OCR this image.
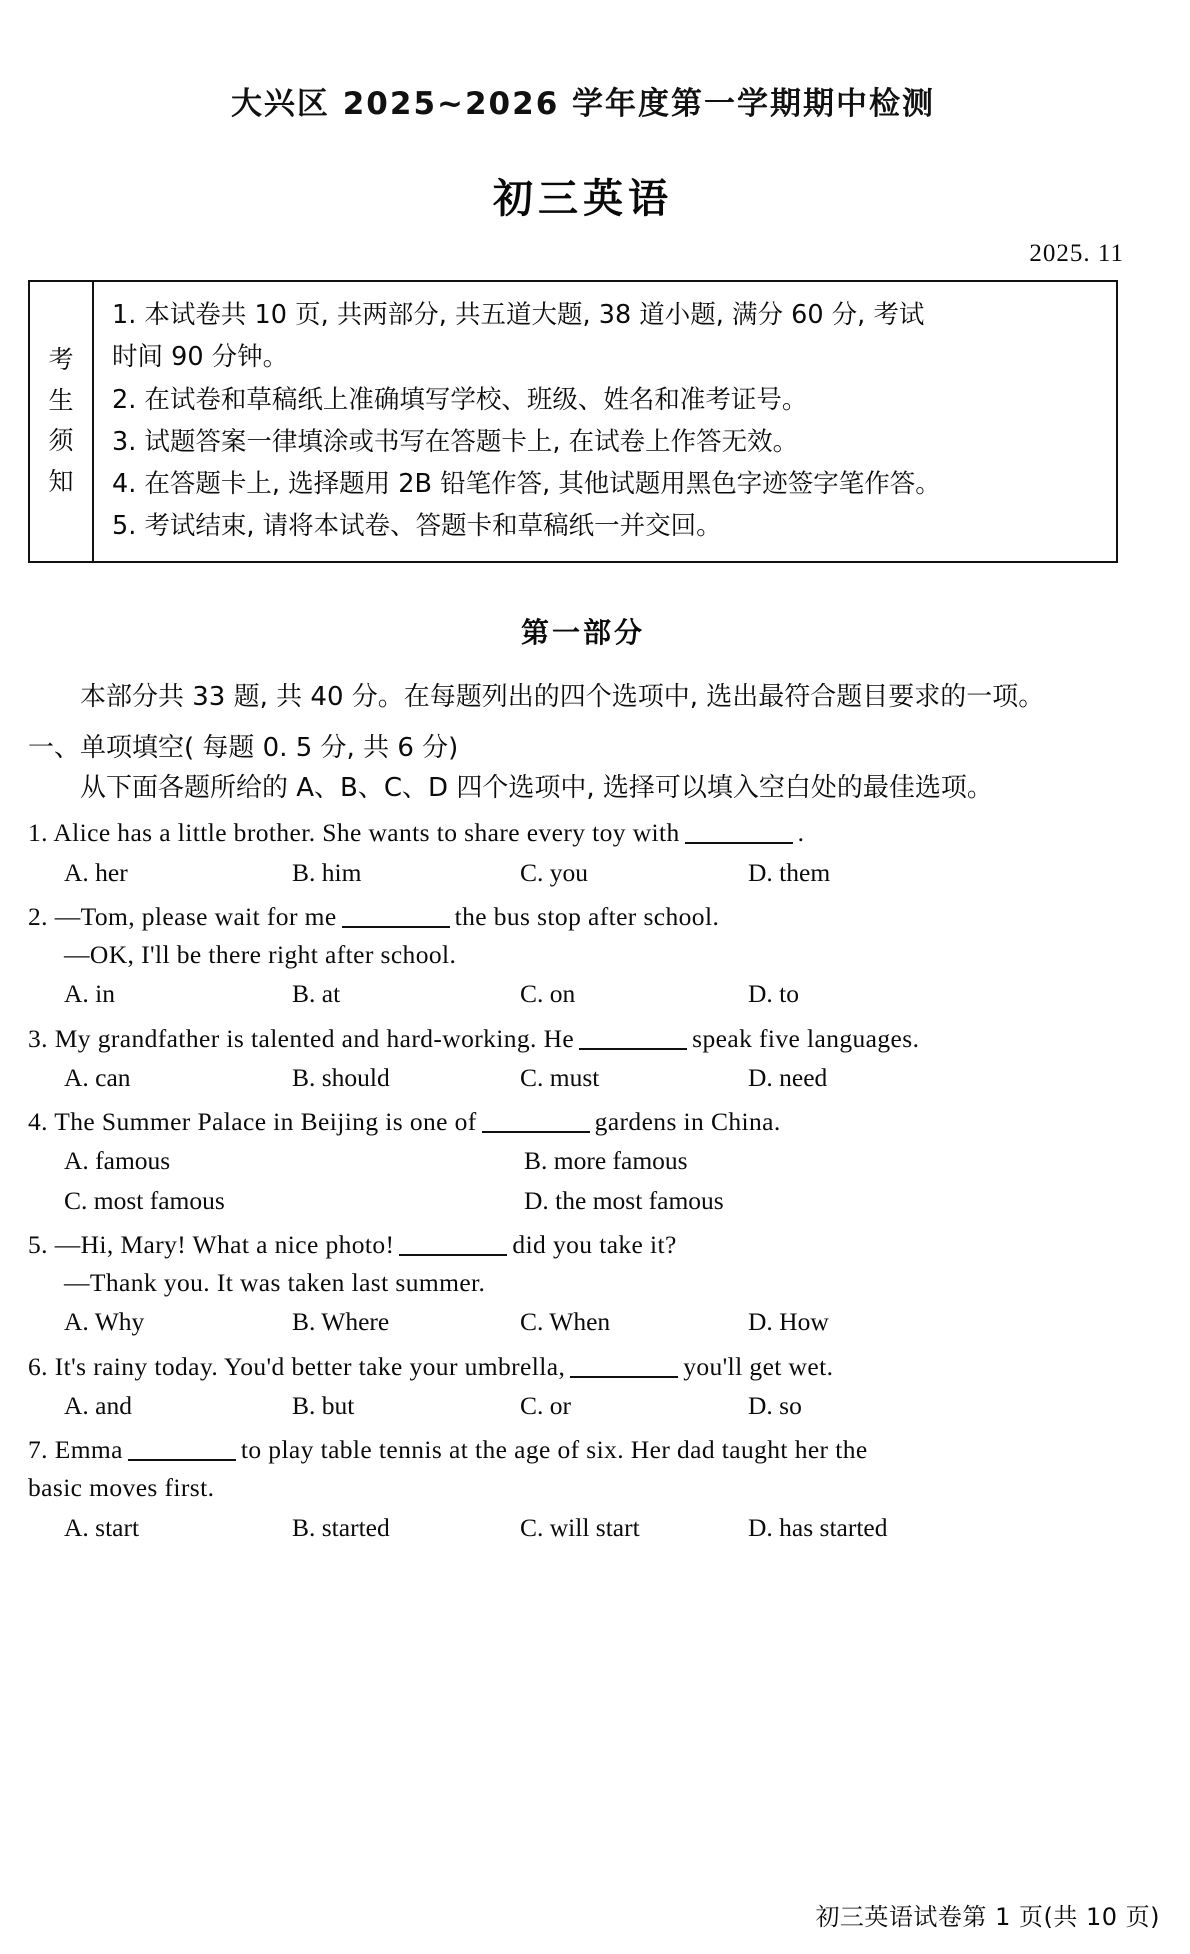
大兴区 2025~2026 学年度第一学期期中检测
初三英语
2025. 11
考
生
须
知
1. 本试卷共 10 页, 共两部分, 共五道大题, 38 道小题, 满分 60 分, 考试
时间 90 分钟。
2. 在试卷和草稿纸上准确填写学校、班级、姓名和准考证号。
3. 试题答案一律填涂或书写在答题卡上, 在试卷上作答无效。
4. 在答题卡上, 选择题用 2B 铅笔作答, 其他试题用黑色字迹签字笔作答。
5. 考试结束, 请将本试卷、答题卡和草稿纸一并交回。
第一部分
本部分共 33 题, 共 40 分。在每题列出的四个选项中, 选出最符合题目要求的一项。
一、单项填空( 每题 0. 5 分, 共 6 分)
从下面各题所给的 A、B、C、D 四个选项中, 选择可以填入空白处的最佳选项。
1. Alice has a little brother. She wants to share every toy with	.
A. her	B. him	C. you	D. them
2. —Tom, please wait for me	the bus stop after school.
—OK, I'll be there right after school.
A. in	B. at	C. on	D. to
3. My grandfather is talented and hard-working. He	speak five languages.
A. can	B. should	C. must	D. need
4. The Summer Palace in Beijing is one of	gardens in China.
A. famous	B. more famous
C. most famous	D. the most famous
5. —Hi, Mary! What a nice photo!	did you take it?
—Thank you. It was taken last summer.
A. Why	B. Where	C. When	D. How
6. It's rainy today. You'd better take your umbrella,	you'll get wet.
A. and	B. but	C. or	D. so
7. Emma	to play table tennis at the age of six. Her dad taught her the
basic moves first.
A. start	B. started	C. will start	D. has started
初三英语试卷第 1 页(共 10 页)
